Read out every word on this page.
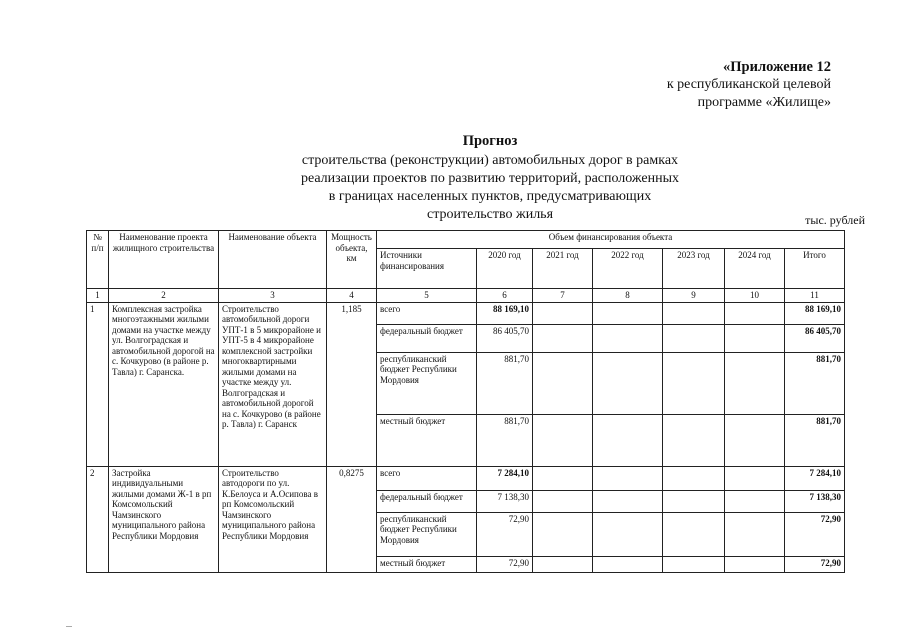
«Приложение 12
к республиканской целевой
программе «Жилище»
Прогноз
строительства (реконструкции) автомобильных дорог в рамках
реализации проектов по развитию территорий, расположенных
в границах населенных пунктов, предусматривающих
строительство жилья	тыс. рублей
№ п/п	Наименование проекта жилищного строительства	Наименование объекта	Мощность объекта, км	Объем финансирования объекта						
				Источники финансирования	2020 год	2021 год	2022 год	2023 год	2024 год	Итого
1	2	3	4	5	6	7	8	9	10	11
1	Комплексная застройка многоэтажными жилыми домами на участке между ул. Волгоградская и автомобильной дорогой на с. Кочкурово (в районе р. Тавла) г. Саранска.	Строительство автомобильной дороги УПТ-1 в 5 микрорайоне и УПТ-5 в 4 микрорайоне комплексной застройки многоквартирными жилыми домами на участке между ул. Волгоградская и автомобильной дорогой на с. Кочкурово (в районе р. Тавла) г. Саранск	1,185	всего	88 169,10					88 169,10
				федеральный бюджет	86 405,70					86 405,70
				республиканский бюджет Республики Мордовия	881,70					881,70
				местный бюджет	881,70					881,70
2	Застройка индивидуальными жилыми домами Ж-1 в рп Комсомольский Чамзинского муниципального района Республики Мордовия	Строительство автодороги по ул. К.Белоуса и А.Осипова в рп Комсомольский Чамзинского муниципального района Республики Мордовия	0,8275	всего	7 284,10					7 284,10
				федеральный бюджет	7 138,30					7 138,30
				республиканский бюджет Республики Мордовия	72,90					72,90
				местный бюджет	72,90					72,90
